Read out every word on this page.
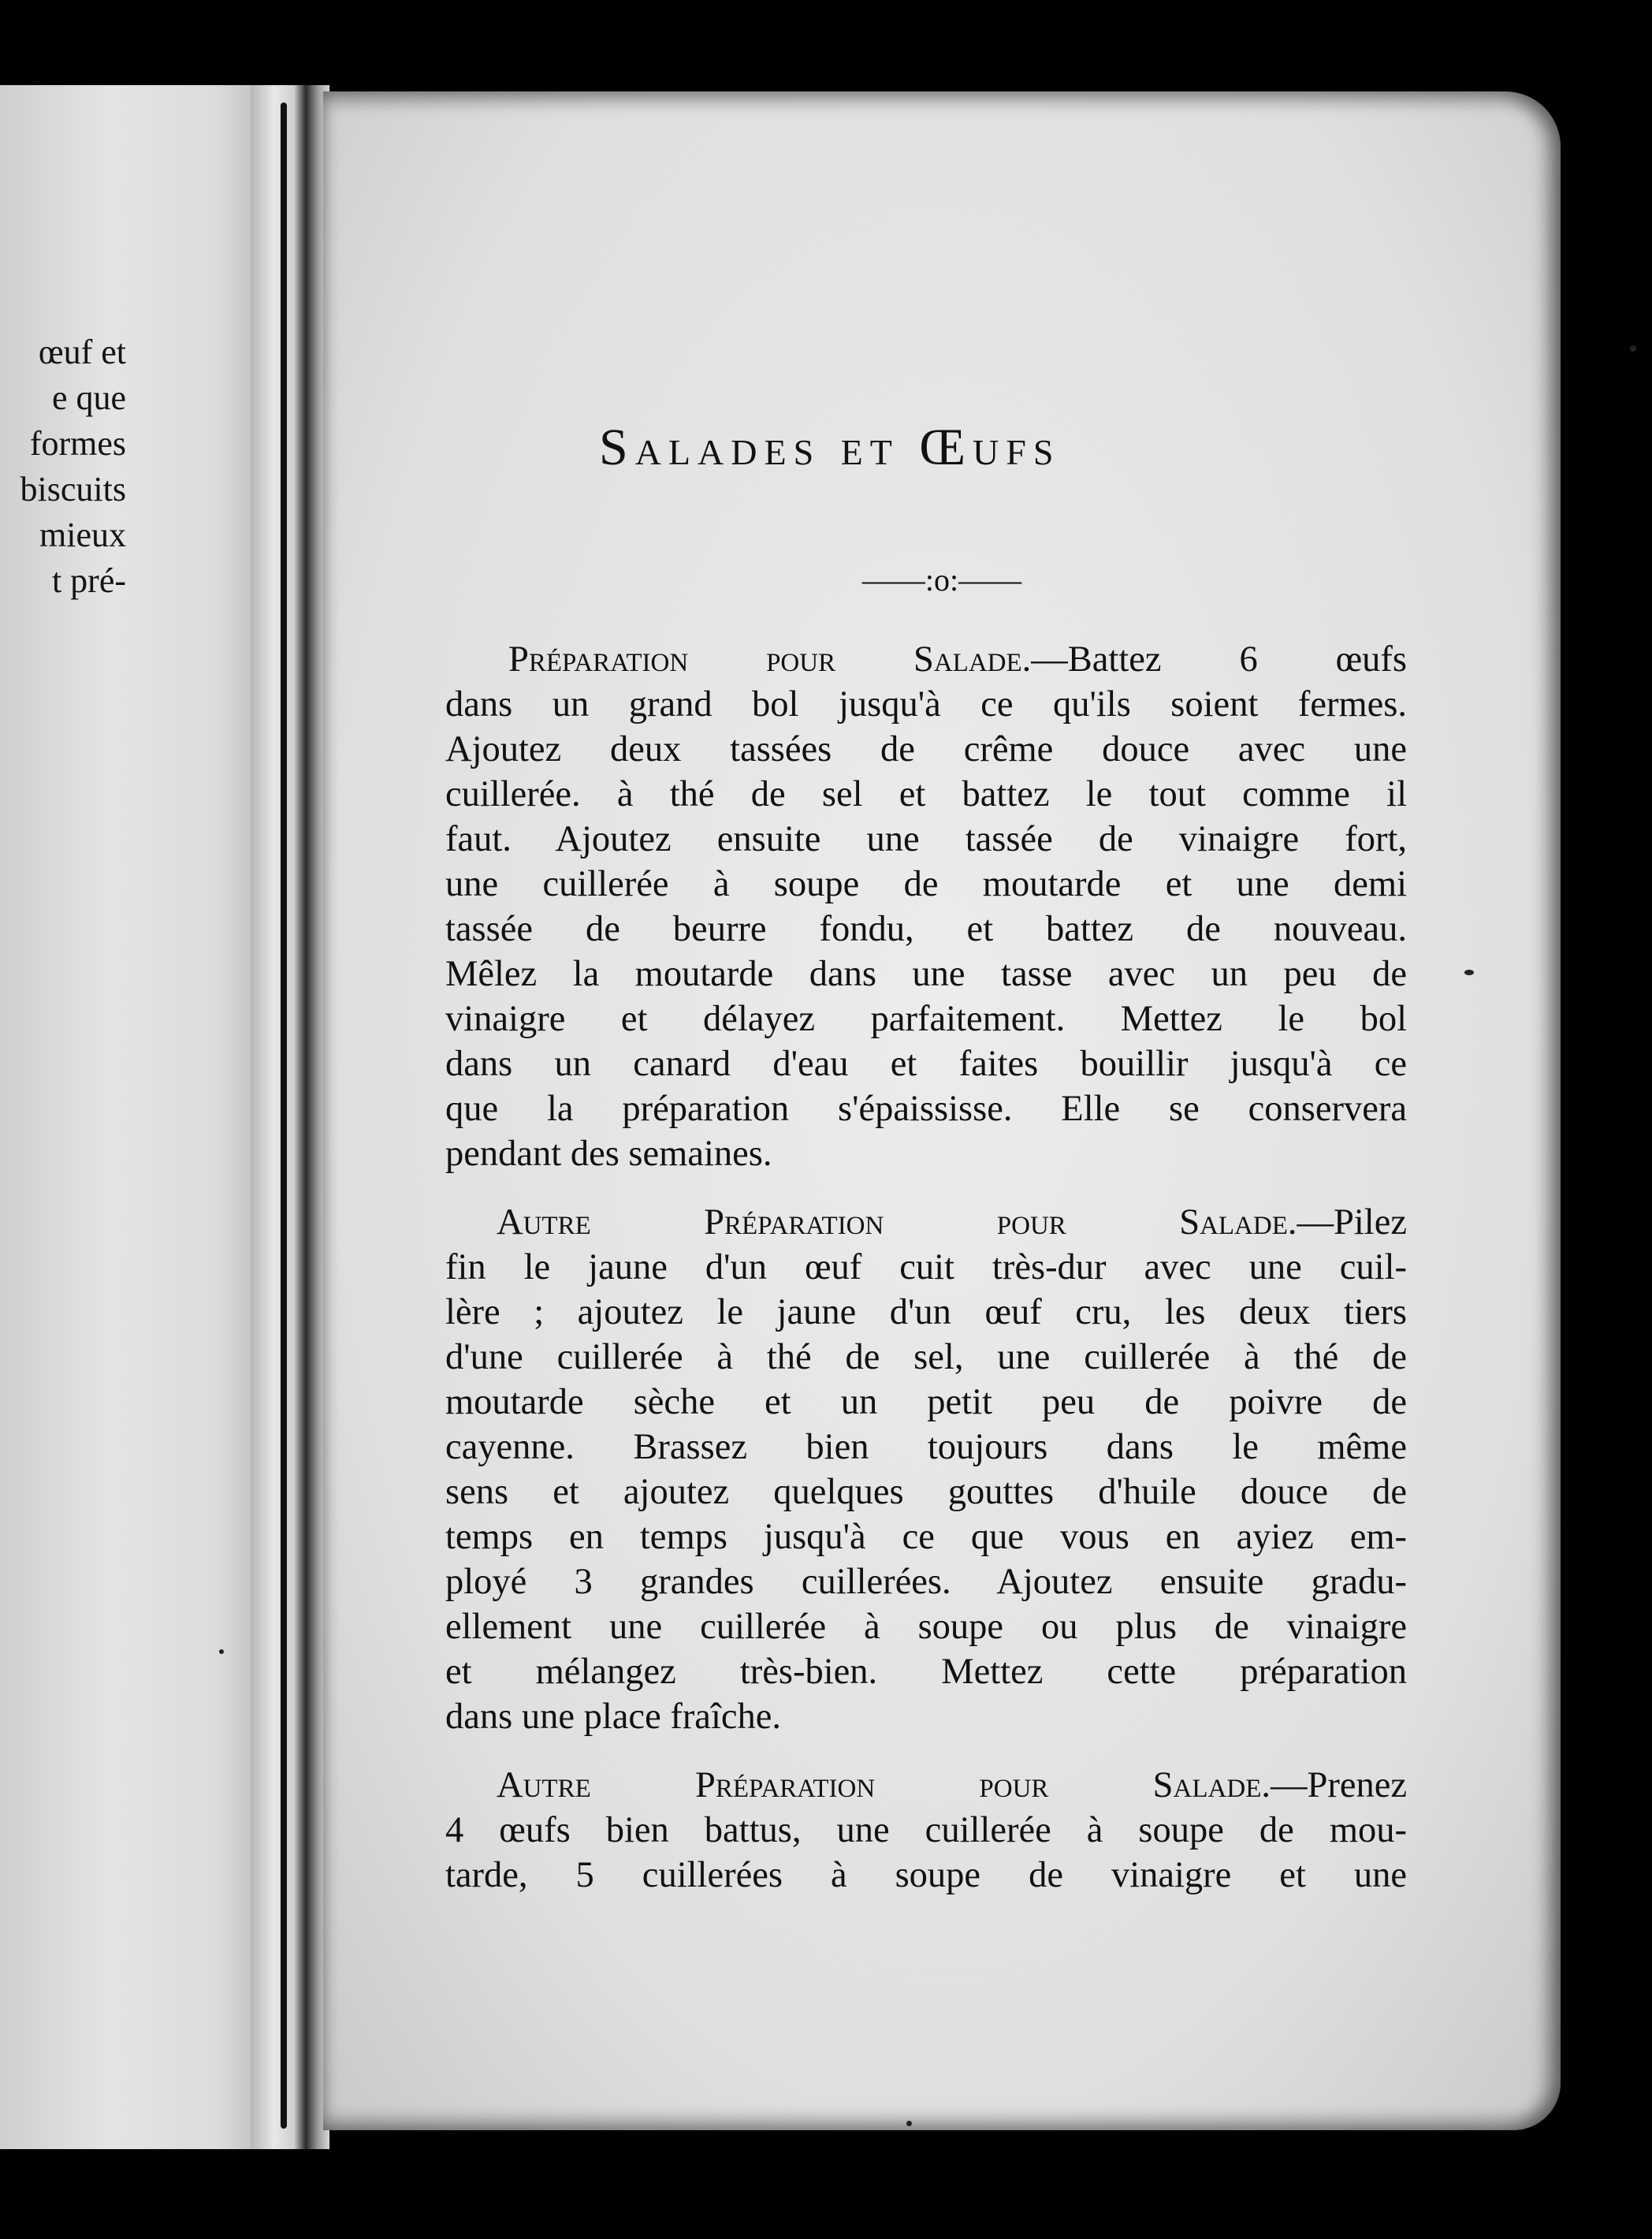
œuf et
e que
formes
biscuits
mieux
t pré-
Salades et Œufs
——:o:——
Préparation pour Salade.—Battez 6 œufs
dans un grand bol jusqu'à ce qu'ils soient fermes.
Ajoutez deux tassées de crême douce avec une
cuillerée. à thé de sel et battez le tout comme il
faut. Ajoutez ensuite une tassée de vinaigre fort,
une cuillerée à soupe de moutarde et une demi
tassée de beurre fondu, et battez de nouveau.
Mêlez la moutarde dans une tasse avec un peu de
vinaigre et délayez parfaitement. Mettez le bol
dans un canard d'eau et faites bouillir jusqu'à ce
que la préparation s'épaississe. Elle se conservera
pendant des semaines.
Autre Préparation pour Salade.—Pilez
fin le jaune d'un œuf cuit très-dur avec une cuil-
lère ; ajoutez le jaune d'un œuf cru, les deux tiers
d'une cuillerée à thé de sel, une cuillerée à thé de
moutarde sèche et un petit peu de poivre de
cayenne. Brassez bien toujours dans le même
sens et ajoutez quelques gouttes d'huile douce de
temps en temps jusqu'à ce que vous en ayiez em-
ployé 3 grandes cuillerées. Ajoutez ensuite gradu-
ellement une cuillerée à soupe ou plus de vinaigre
et mélangez très-bien. Mettez cette préparation
dans une place fraîche.
Autre Préparation pour Salade.—Prenez
4 œufs bien battus, une cuillerée à soupe de mou-
tarde, 5 cuillerées à soupe de vinaigre et une
